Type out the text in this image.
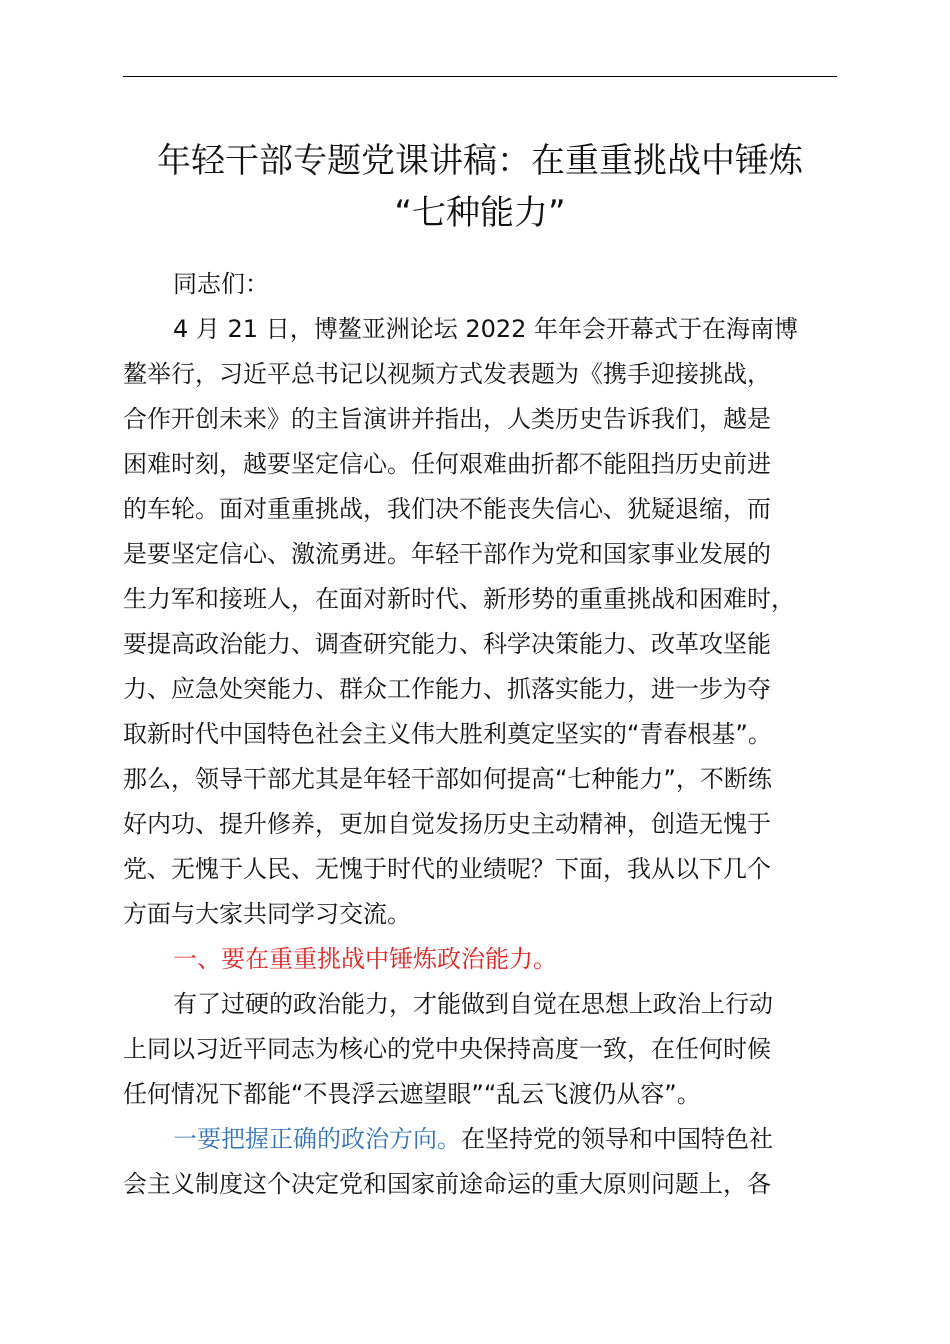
年轻干部专题党课讲稿：在重重挑战中锤炼
“七种能力”
同志们：
4 月 21 日，博鳌亚洲论坛 2022 年年会开幕式于在海南博
鳌举行，习近平总书记以视频方式发表题为《携手迎接挑战，
合作开创未来》的主旨演讲并指出，人类历史告诉我们，越是
困难时刻，越要坚定信心。任何艰难曲折都不能阻挡历史前进
的车轮。面对重重挑战，我们决不能丧失信心、犹疑退缩，而
是要坚定信心、激流勇进。年轻干部作为党和国家事业发展的
生力军和接班人，在面对新时代、新形势的重重挑战和困难时，
要提高政治能力、调查研究能力、科学决策能力、改革攻坚能
力、应急处突能力、群众工作能力、抓落实能力，进一步为夺
取新时代中国特色社会主义伟大胜利奠定坚实的“青春根基”。
那么，领导干部尤其是年轻干部如何提高“七种能力”，不断练
好内功、提升修养，更加自觉发扬历史主动精神，创造无愧于
党、无愧于人民、无愧于时代的业绩呢？下面，我从以下几个
方面与大家共同学习交流。
一、要在重重挑战中锤炼政治能力。
有了过硬的政治能力，才能做到自觉在思想上政治上行动
上同以习近平同志为核心的党中央保持高度一致，在任何时候
任何情况下都能“不畏浮云遮望眼”“乱云飞渡仍从容”。
一要把握正确的政治方向。在坚持党的领导和中国特色社
会主义制度这个决定党和国家前途命运的重大原则问题上，各
